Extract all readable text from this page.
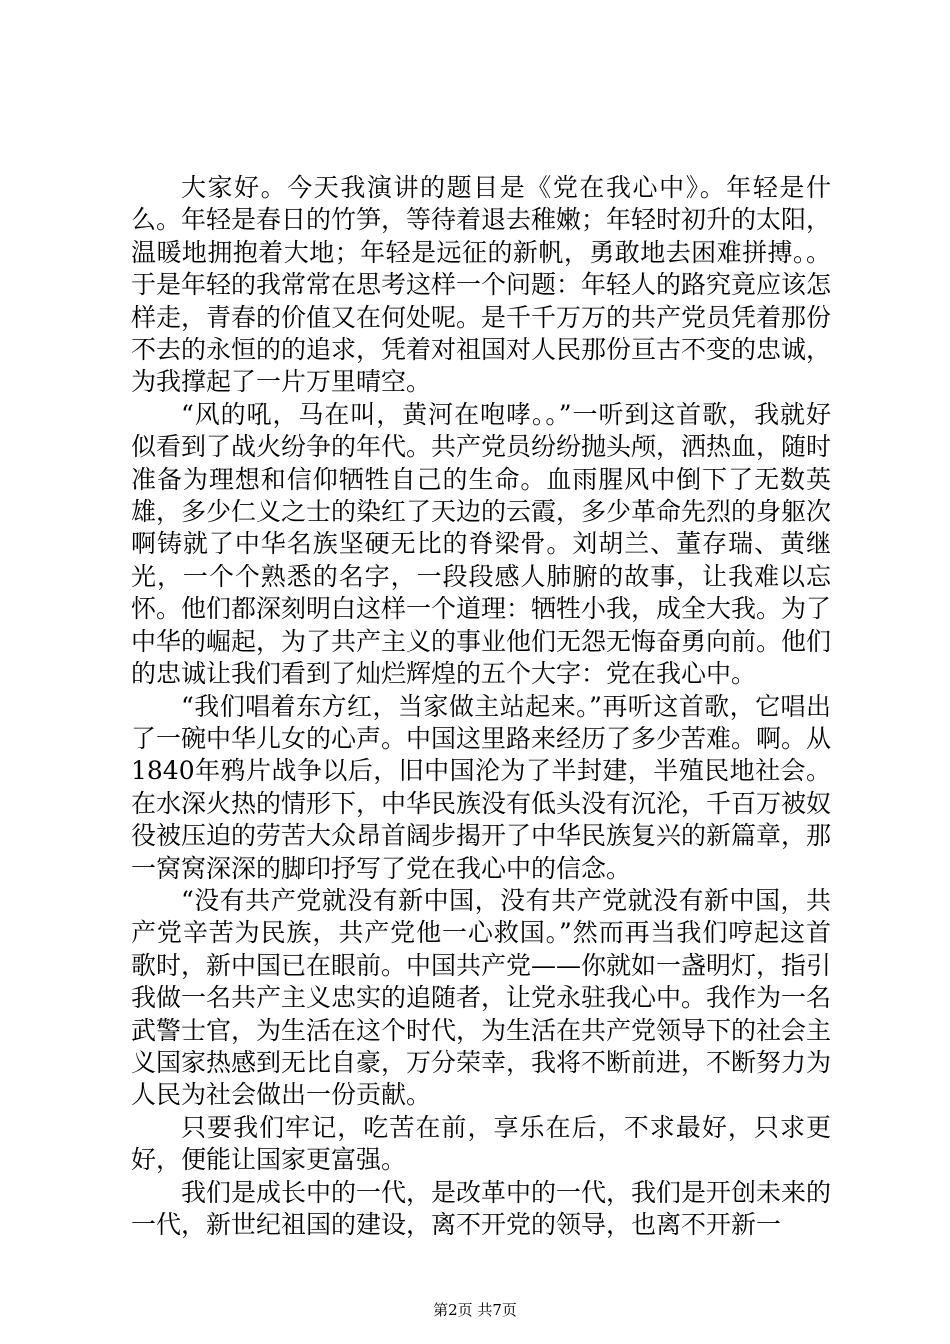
大家好。今天我演讲的题目是《党在我心中》。年轻是什么。年轻是春日的竹笋，等待着退去稚嫩；年轻时初升的太阳，温暖地拥抱着大地；年轻是远征的新帆，勇敢地去困难拼搏。。于是年轻的我常常在思考这样一个问题：年轻人的路究竟应该怎样走，青春的价值又在何处呢。是千千万万的共产党员凭着那份不去的永恒的的追求，凭着对祖国对人民那份亘古不变的忠诚，为我撑起了一片万里晴空。

“风的吼，马在叫，黄河在咆哮。。”一听到这首歌，我就好似看到了战火纷争的年代。共产党员纷纷抛头颅，洒热血，随时准备为理想和信仰牺牲自己的生命。血雨腥风中倒下了无数英雄，多少仁义之士的染红了天边的云霞，多少革命先烈的身躯次啊铸就了中华名族坚硬无比的脊梁骨。刘胡兰、董存瑞、黄继光，一个个熟悉的名字，一段段感人肺腑的故事，让我难以忘怀。他们都深刻明白这样一个道理：牺牲小我，成全大我。为了中华的崛起，为了共产主义的事业他们无怨无悔奋勇向前。他们的忠诚让我们看到了灿烂辉煌的五个大字：党在我心中。

“我们唱着东方红，当家做主站起来。”再听这首歌，它唱出了一碗中华儿女的心声。中国这里路来经历了多少苦难。啊。从1840年鸦片战争以后，旧中国沦为了半封建，半殖民地社会。在水深火热的情形下，中华民族没有低头没有沉沦，千百万被奴役被压迫的劳苦大众昂首阔步揭开了中华民族复兴的新篇章，那一窝窝深深的脚印抒写了党在我心中的信念。

“没有共产党就没有新中国，没有共产党就没有新中国，共产党辛苦为民族，共产党他一心救国。”然而再当我们哼起这首歌时，新中国已在眼前。中国共产党——你就如一盏明灯，指引我做一名共产主义忠实的追随者，让党永驻我心中。我作为一名武警士官，为生活在这个时代，为生活在共产党领导下的社会主义国家热感到无比自豪，万分荣幸，我将不断前进，不断努力为人民为社会做出一份贡献。

只要我们牢记，吃苦在前，享乐在后，不求最好，只求更好，便能让国家更富强。

我们是成长中的一代，是改革中的一代，我们是开创未来的一代，新世纪祖国的建设，离不开党的领导，也离不开新一

第2页 共7页
